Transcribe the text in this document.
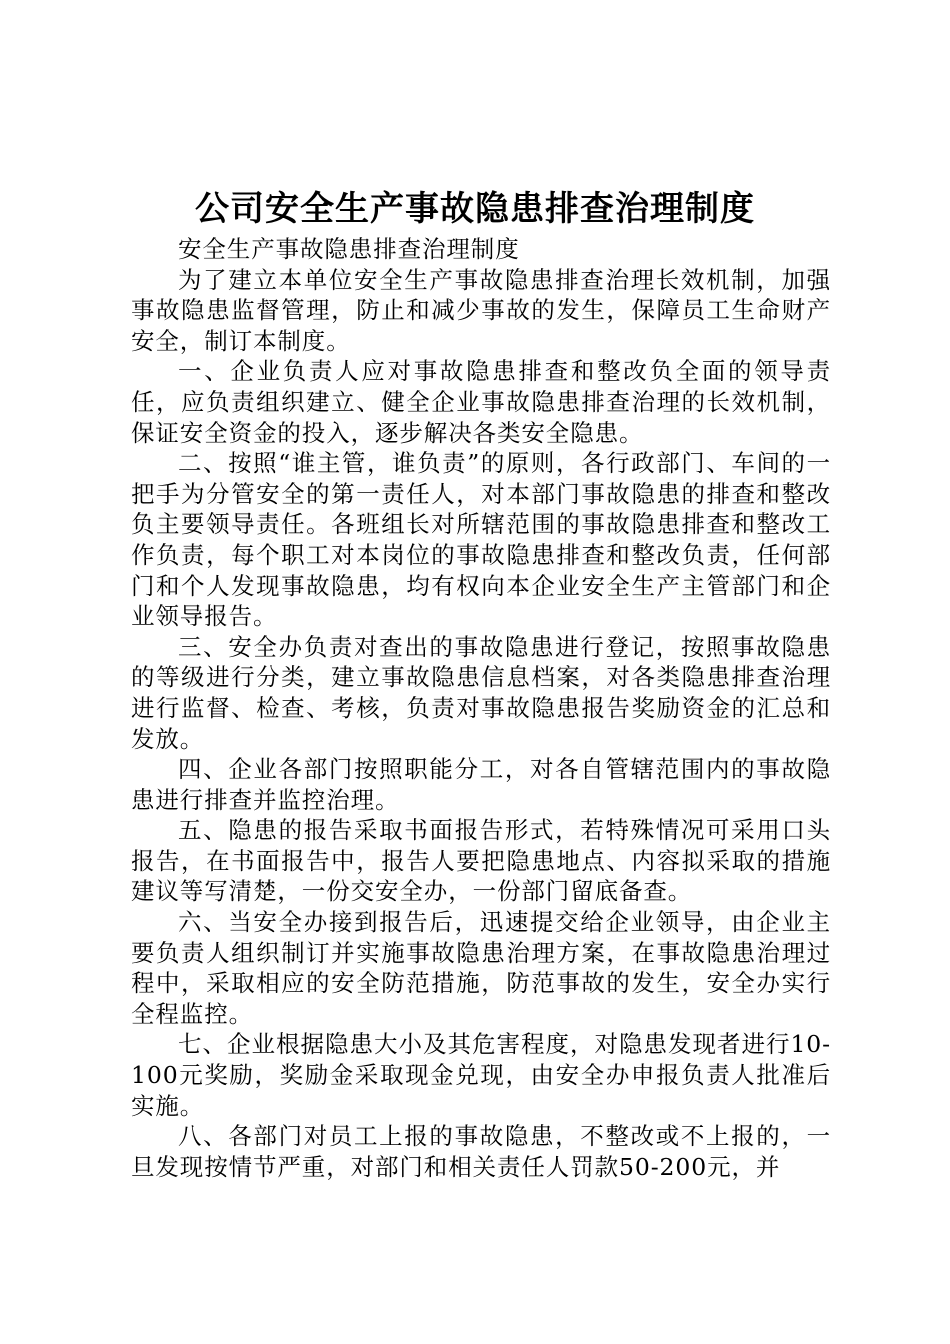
公司安全生产事故隐患排查治理制度

安全生产事故隐患排查治理制度

为了建立本单位安全生产事故隐患排查治理长效机制，加强事故隐患监督管理，防止和减少事故的发生，保障员工生命财产安全，制订本制度。

一、企业负责人应对事故隐患排查和整改负全面的领导责任，应负责组织建立、健全企业事故隐患排查治理的长效机制，保证安全资金的投入，逐步解决各类安全隐患。

二、按照“谁主管，谁负责”的原则，各行政部门、车间的一把手为分管安全的第一责任人，对本部门事故隐患的排查和整改负主要领导责任。各班组长对所辖范围的事故隐患排查和整改工作负责，每个职工对本岗位的事故隐患排查和整改负责，任何部门和个人发现事故隐患，均有权向本企业安全生产主管部门和企业领导报告。

三、安全办负责对查出的事故隐患进行登记，按照事故隐患的等级进行分类，建立事故隐患信息档案，对各类隐患排查治理进行监督、检查、考核，负责对事故隐患报告奖励资金的汇总和发放。

四、企业各部门按照职能分工，对各自管辖范围内的事故隐患进行排查并监控治理。

五、隐患的报告采取书面报告形式，若特殊情况可采用口头报告，在书面报告中，报告人要把隐患地点、内容拟采取的措施建议等写清楚，一份交安全办，一份部门留底备查。

六、当安全办接到报告后，迅速提交给企业领导，由企业主要负责人组织制订并实施事故隐患治理方案，在事故隐患治理过程中，采取相应的安全防范措施，防范事故的发生，安全办实行全程监控。

七、企业根据隐患大小及其危害程度，对隐患发现者进行10-100元奖励，奖励金采取现金兑现，由安全办申报负责人批准后实施。

八、各部门对员工上报的事故隐患，不整改或不上报的，一旦发现按情节严重，对部门和相关责任人罚款50-200元，并
